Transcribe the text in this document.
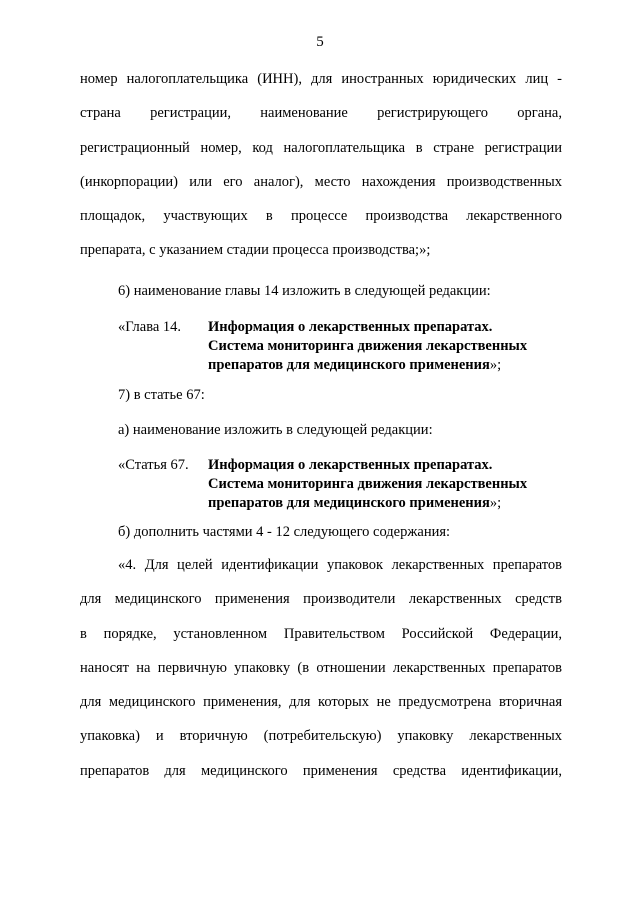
5
номер налогоплательщика (ИНН), для иностранных юридических лиц -
страна регистрации, наименование регистрирующего органа,
регистрационный номер, код налогоплательщика в стране регистрации
(инкорпорации) или его аналог), место нахождения производственных
площадок, участвующих в процессе производства лекарственного
препарата, с указанием стадии процесса производства;»;

6) наименование главы 14 изложить в следующей редакции:

«Глава 14. Информация о лекарственных препаратах.
Система мониторинга движения лекарственных
препаратов для медицинского применения»;

7) в статье 67:

а) наименование изложить в следующей редакции:

«Статья 67. Информация о лекарственных препаратах.
Система мониторинга движения лекарственных
препаратов для медицинского применения»;

б) дополнить частями 4 - 12 следующего содержания:

«4. Для целей идентификации упаковок лекарственных препаратов
для медицинского применения производители лекарственных средств
в порядке, установленном Правительством Российской Федерации,
наносят на первичную упаковку (в отношении лекарственных препаратов
для медицинского применения, для которых не предусмотрена вторичная
упаковка) и вторичную (потребительскую) упаковку лекарственных
препаратов для медицинского применения средства идентификации,
